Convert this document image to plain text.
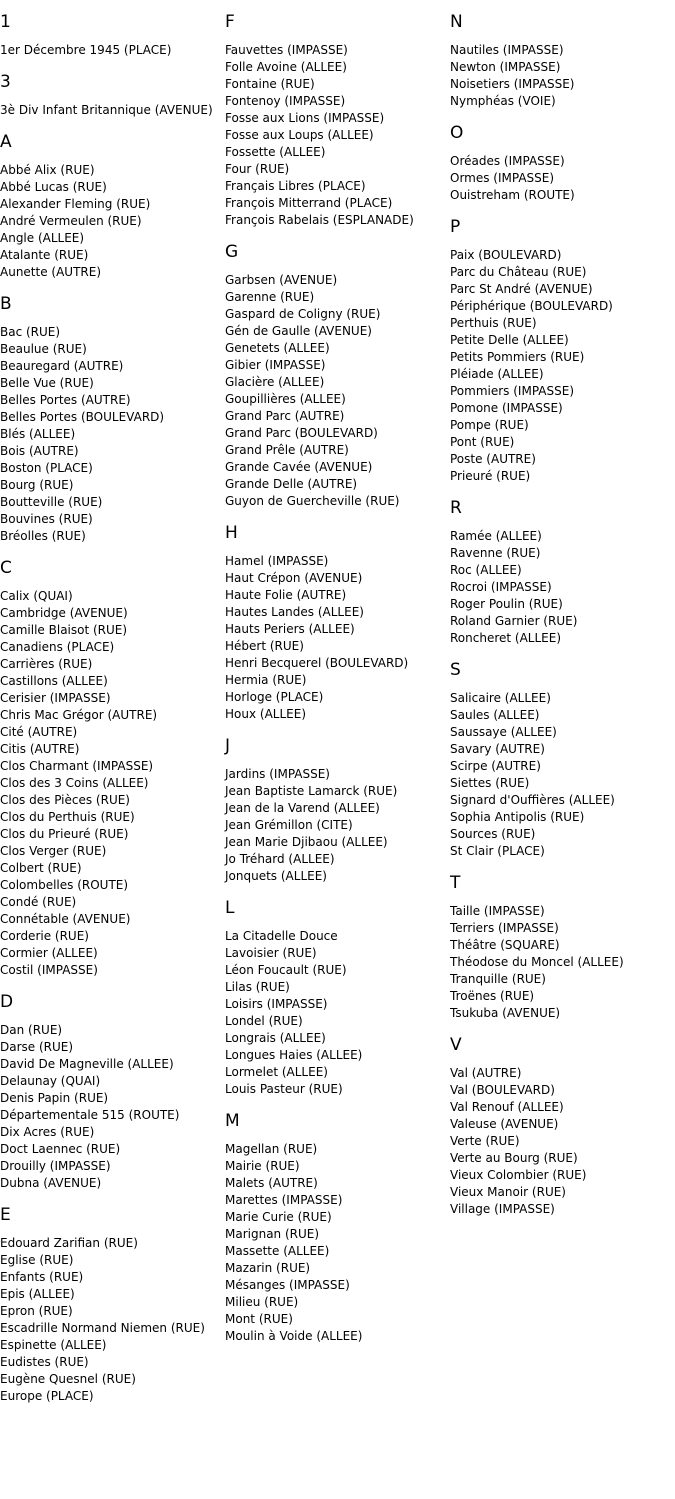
1
1er Décembre 1945 (PLACE)
3
3è Div Infant Britannique (AVENUE)
A
Abbé Alix (RUE)
Abbé Lucas (RUE)
Alexander Fleming (RUE)
André Vermeulen (RUE)
Angle (ALLEE)
Atalante (RUE)
Aunette (AUTRE)
B
Bac (RUE)
Beaulue (RUE)
Beauregard (AUTRE)
Belle Vue (RUE)
Belles Portes (AUTRE)
Belles Portes (BOULEVARD)
Blés (ALLEE)
Bois (AUTRE)
Boston (PLACE)
Bourg (RUE)
Boutteville (RUE)
Bouvines (RUE)
Bréolles (RUE)
C
Calix (QUAI)
Cambridge (AVENUE)
Camille Blaisot (RUE)
Canadiens (PLACE)
Carrières (RUE)
Castillons (ALLEE)
Cerisier (IMPASSE)
Chris Mac Grégor (AUTRE)
Cité (AUTRE)
Citis (AUTRE)
Clos Charmant (IMPASSE)
Clos des 3 Coins (ALLEE)
Clos des Pièces (RUE)
Clos du Perthuis (RUE)
Clos du Prieuré (RUE)
Clos Verger (RUE)
Colbert (RUE)
Colombelles (ROUTE)
Condé (RUE)
Connétable (AVENUE)
Corderie (RUE)
Cormier (ALLEE)
Costil (IMPASSE)
D
Dan (RUE)
Darse (RUE)
David De Magneville (ALLEE)
Delaunay (QUAI)
Denis Papin (RUE)
Départementale 515 (ROUTE)
Dix Acres (RUE)
Doct Laennec (RUE)
Drouilly (IMPASSE)
Dubna (AVENUE)
E
Edouard Zarifian (RUE)
Eglise (RUE)
Enfants (RUE)
Epis (ALLEE)
Epron (RUE)
Escadrille Normand Niemen (RUE)
Espinette (ALLEE)
Eudistes (RUE)
Eugène Quesnel (RUE)
Europe (PLACE)
F
Fauvettes (IMPASSE)
Folle Avoine (ALLEE)
Fontaine (RUE)
Fontenoy (IMPASSE)
Fosse aux Lions (IMPASSE)
Fosse aux Loups (ALLEE)
Fossette (ALLEE)
Four (RUE)
Français Libres (PLACE)
François Mitterrand (PLACE)
François Rabelais (ESPLANADE)
G
Garbsen (AVENUE)
Garenne (RUE)
Gaspard de Coligny (RUE)
Gén de Gaulle (AVENUE)
Genetets (ALLEE)
Gibier (IMPASSE)
Glacière (ALLEE)
Goupillières (ALLEE)
Grand Parc (AUTRE)
Grand Parc (BOULEVARD)
Grand Prêle (AUTRE)
Grande Cavée (AVENUE)
Grande Delle (AUTRE)
Guyon de Guercheville (RUE)
H
Hamel (IMPASSE)
Haut Crépon (AVENUE)
Haute Folie (AUTRE)
Hautes Landes (ALLEE)
Hauts Periers (ALLEE)
Hébert (RUE)
Henri Becquerel (BOULEVARD)
Hermia (RUE)
Horloge (PLACE)
Houx (ALLEE)
J
Jardins (IMPASSE)
Jean Baptiste Lamarck (RUE)
Jean de la Varend (ALLEE)
Jean Grémillon (CITE)
Jean Marie Djibaou (ALLEE)
Jo Tréhard (ALLEE)
Jonquets (ALLEE)
L
La Citadelle Douce
Lavoisier (RUE)
Léon Foucault (RUE)
Lilas (RUE)
Loisirs (IMPASSE)
Londel (RUE)
Longrais (ALLEE)
Longues Haies (ALLEE)
Lormelet (ALLEE)
Louis Pasteur (RUE)
M
Magellan (RUE)
Mairie (RUE)
Malets (AUTRE)
Marettes (IMPASSE)
Marie Curie (RUE)
Marignan (RUE)
Massette (ALLEE)
Mazarin (RUE)
Mésanges (IMPASSE)
Milieu (RUE)
Mont (RUE)
Moulin à Voide (ALLEE)
N
Nautiles (IMPASSE)
Newton (IMPASSE)
Noisetiers (IMPASSE)
Nymphéas (VOIE)
O
Oréades (IMPASSE)
Ormes (IMPASSE)
Ouistreham (ROUTE)
P
Paix (BOULEVARD)
Parc du Château (RUE)
Parc St André (AVENUE)
Périphérique (BOULEVARD)
Perthuis (RUE)
Petite Delle (ALLEE)
Petits Pommiers (RUE)
Pléiade (ALLEE)
Pommiers (IMPASSE)
Pomone (IMPASSE)
Pompe (RUE)
Pont (RUE)
Poste (AUTRE)
Prieuré (RUE)
R
Ramée (ALLEE)
Ravenne (RUE)
Roc (ALLEE)
Rocroi (IMPASSE)
Roger Poulin (RUE)
Roland Garnier (RUE)
Roncheret (ALLEE)
S
Salicaire (ALLEE)
Saules (ALLEE)
Saussaye (ALLEE)
Savary (AUTRE)
Scirpe (AUTRE)
Siettes (RUE)
Signard d'Ouffières (ALLEE)
Sophia Antipolis (RUE)
Sources (RUE)
St Clair (PLACE)
T
Taille (IMPASSE)
Terriers (IMPASSE)
Théâtre (SQUARE)
Théodose du Moncel (ALLEE)
Tranquille (RUE)
Troënes (RUE)
Tsukuba (AVENUE)
V
Val (AUTRE)
Val (BOULEVARD)
Val Renouf (ALLEE)
Valeuse (AVENUE)
Verte (RUE)
Verte au Bourg (RUE)
Vieux Colombier (RUE)
Vieux Manoir (RUE)
Village (IMPASSE)
